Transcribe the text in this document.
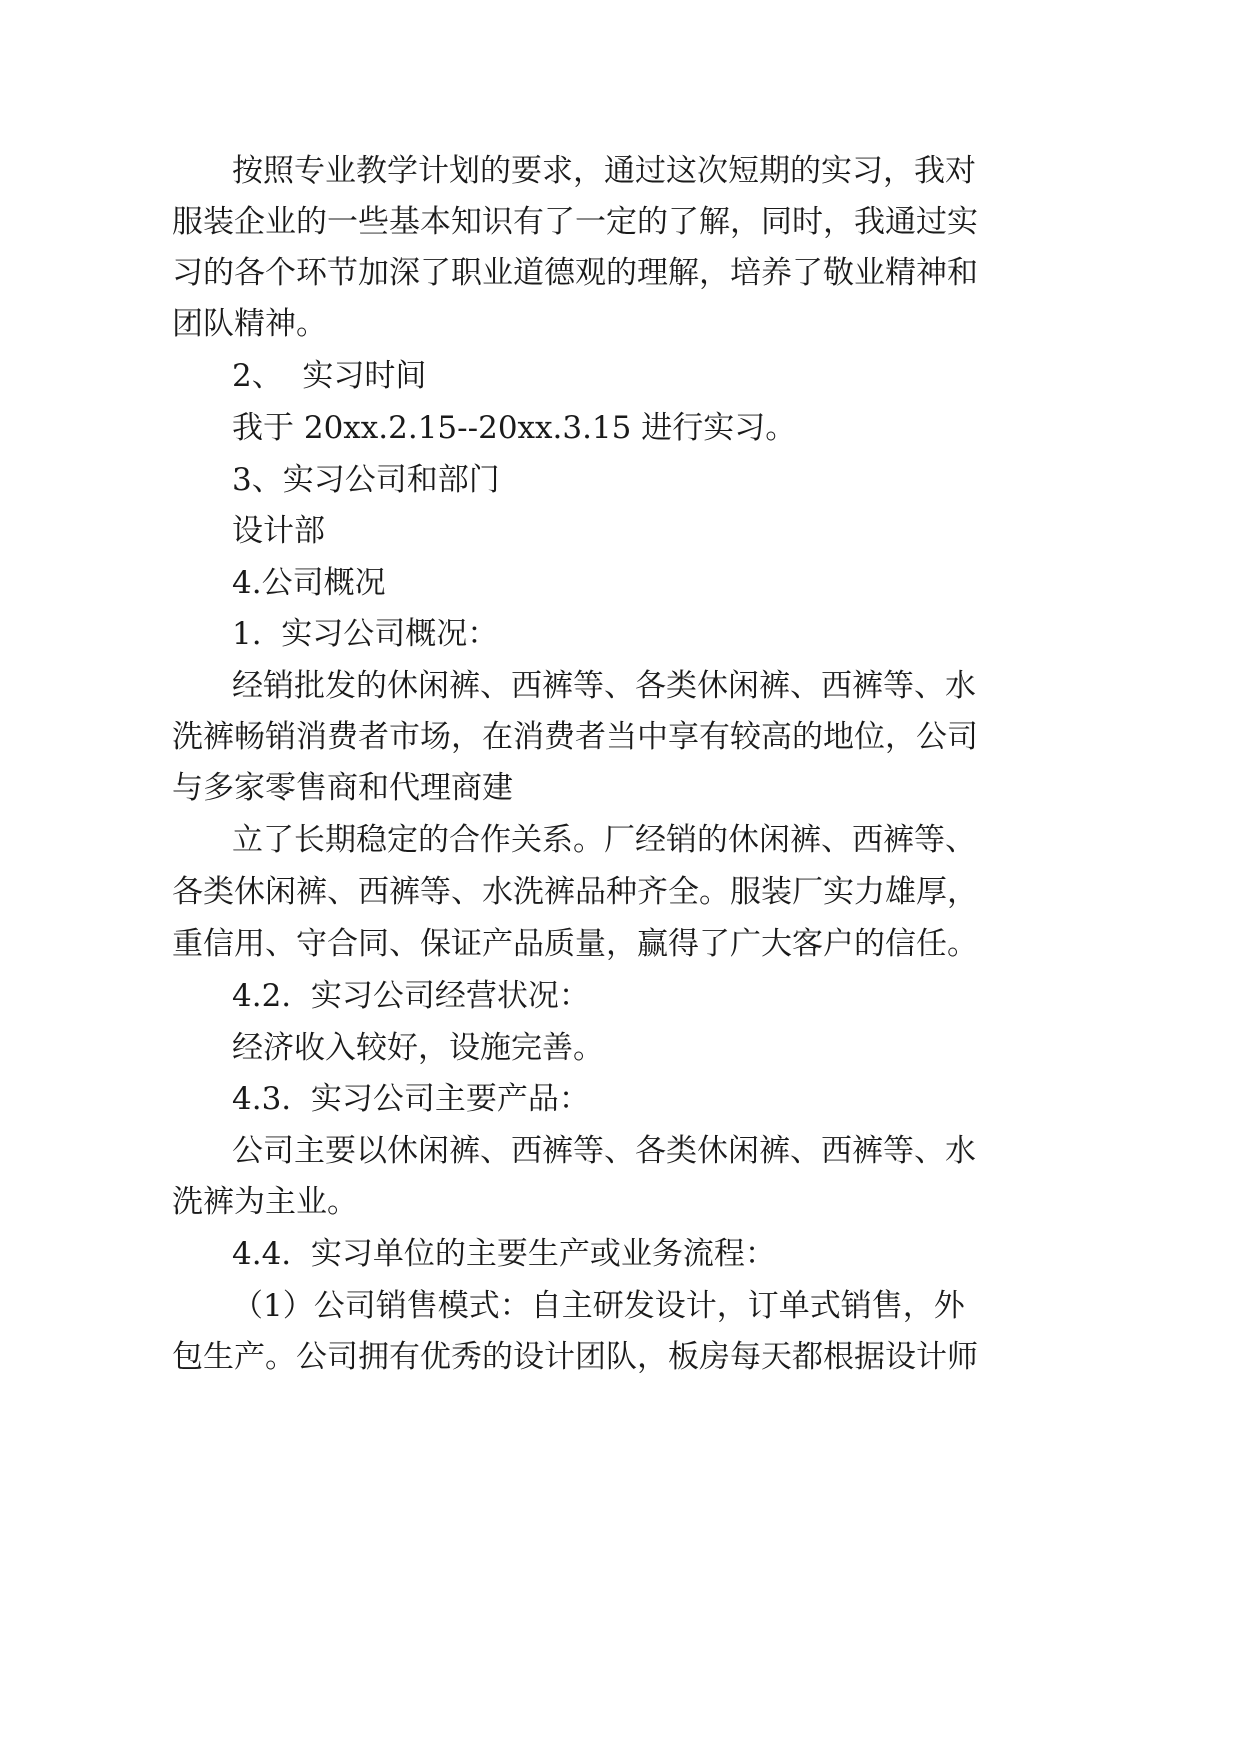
按照专业教学计划的要求，通过这次短期的实习，我对

服装企业的一些基本知识有了一定的了解，同时，我通过实

习的各个环节加深了职业道德观的理解，培养了敬业精神和

团队精神。

2、  实习时间

我于 20xx.2.15--20xx.3.15 进行实习。

3、实习公司和部门

设计部

4.公司概况

1.  实习公司概况：

经销批发的休闲裤、西裤等、各类休闲裤、西裤等、水

洗裤畅销消费者市场，在消费者当中享有较高的地位，公司

与多家零售商和代理商建

立了长期稳定的合作关系。厂经销的休闲裤、西裤等、

各类休闲裤、西裤等、水洗裤品种齐全。服装厂实力雄厚，

重信用、守合同、保证产品质量，赢得了广大客户的信任。

4.2.  实习公司经营状况：

经济收入较好，设施完善。

4.3.  实习公司主要产品：

公司主要以休闲裤、西裤等、各类休闲裤、西裤等、水

洗裤为主业。

4.4.  实习单位的主要生产或业务流程：

（1）公司销售模式：自主研发设计，订单式销售，外

包生产。公司拥有优秀的设计团队，板房每天都根据设计师
